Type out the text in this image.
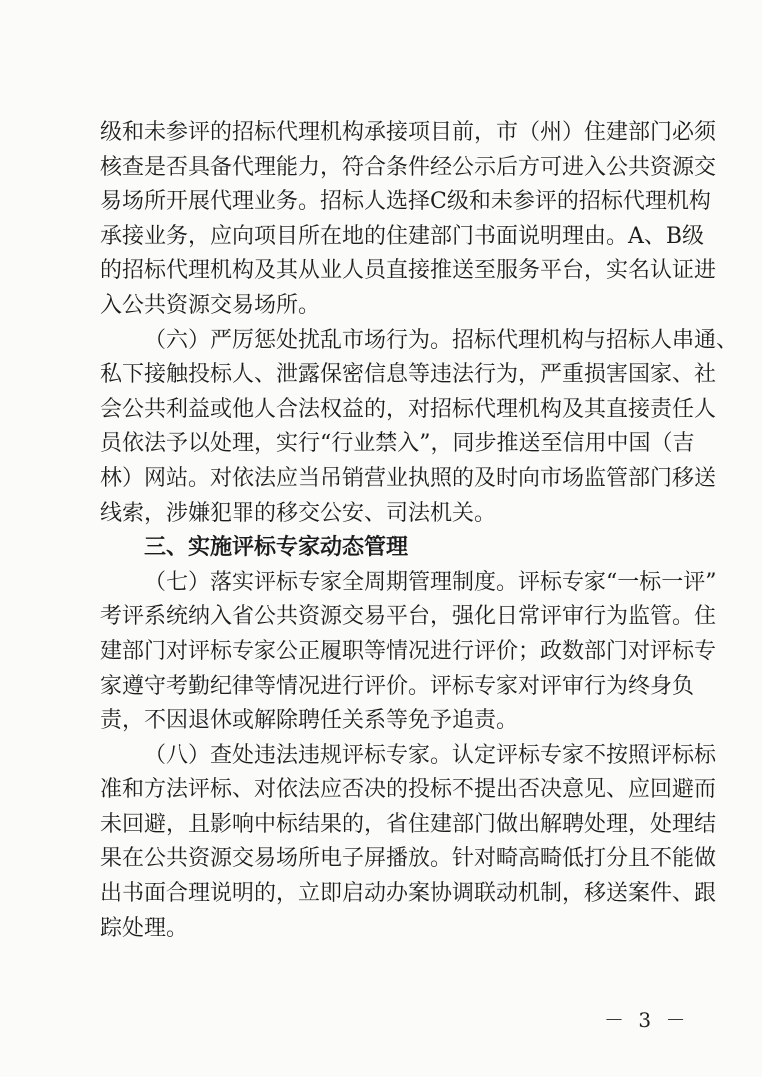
级和未参评的招标代理机构承接项目前，市（州）住建部门必须
核查是否具备代理能力，符合条件经公示后方可进入公共资源交
易场所开展代理业务。招标人选择C级和未参评的招标代理机构
承接业务，应向项目所在地的住建部门书面说明理由。A、B级
的招标代理机构及其从业人员直接推送至服务平台，实名认证进
入公共资源交易场所。
（六）严厉惩处扰乱市场行为。招标代理机构与招标人串通、
私下接触投标人、泄露保密信息等违法行为，严重损害国家、社
会公共利益或他人合法权益的，对招标代理机构及其直接责任人
员依法予以处理，实行“行业禁入”，同步推送至信用中国（吉
林）网站。对依法应当吊销营业执照的及时向市场监管部门移送
线索，涉嫌犯罪的移交公安、司法机关。
三、实施评标专家动态管理
（七）落实评标专家全周期管理制度。评标专家“一标一评”
考评系统纳入省公共资源交易平台，强化日常评审行为监管。住
建部门对评标专家公正履职等情况进行评价；政数部门对评标专
家遵守考勤纪律等情况进行评价。评标专家对评审行为终身负
责，不因退休或解除聘任关系等免予追责。
（八）查处违法违规评标专家。认定评标专家不按照评标标
准和方法评标、对依法应否决的投标不提出否决意见、应回避而
未回避，且影响中标结果的，省住建部门做出解聘处理，处理结
果在公共资源交易场所电子屏播放。针对畸高畸低打分且不能做
出书面合理说明的，立即启动办案协调联动机制，移送案件、跟
踪处理。
－ 3 －
